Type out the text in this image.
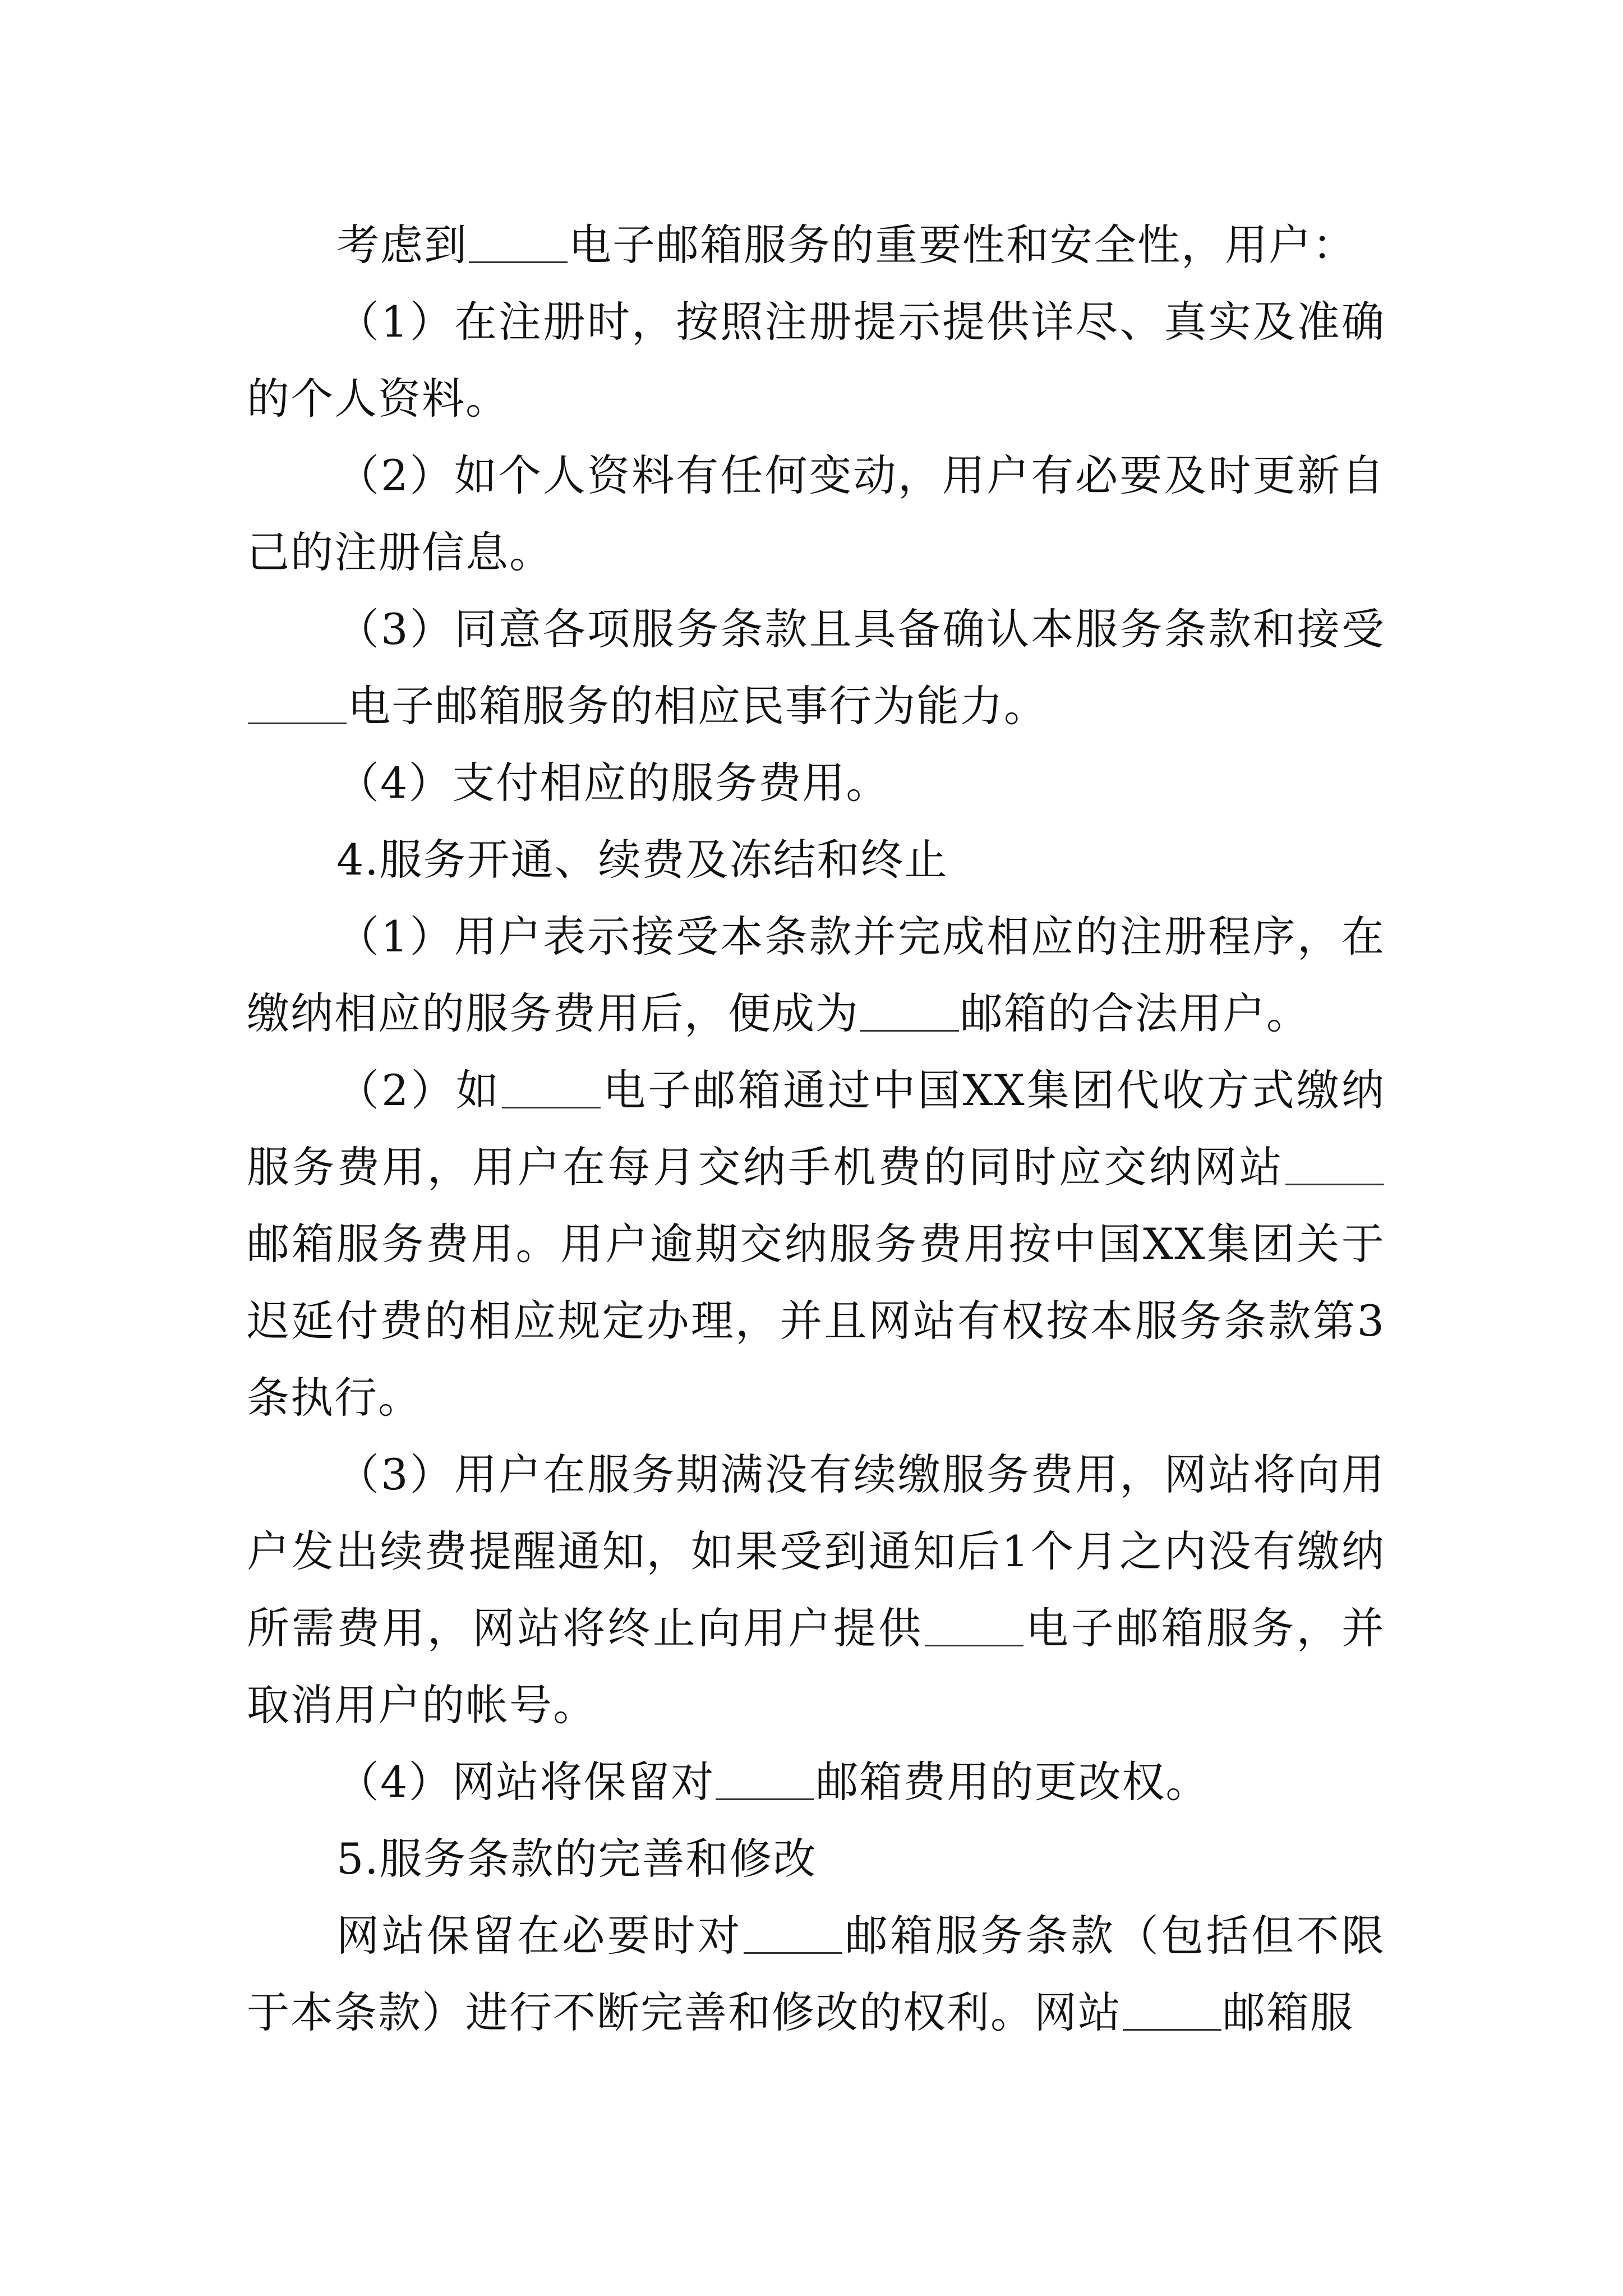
考虑到 电子邮箱服务的重要性和安全性，用户：

（1）在注册时，按照注册提示提供详尽、真实及准确的个人资料。

（2）如个人资料有任何变动，用户有必要及时更新自己的注册信息。

（3）同意各项服务条款且具备确认本服务条款和接受电子邮箱服务的相应民事行为能力。

（4）支付相应的服务费用。

4.服务开通、续费及冻结和终止

（1）用户表示接受本条款并完成相应的注册程序，在缴纳相应的服务费用后，便成为 邮箱的合法用户。

（2）如 电子邮箱通过中国XX集团代收方式缴纳服务费用，用户在每月交纳手机费的同时应交纳网站邮箱服务费用。用户逾期交纳服务费用按中国XX集团关于迟延付费的相应规定办理，并且网站有权按本服务条款第3条执行。

（3）用户在服务期满没有续缴服务费用，网站将向用户发出续费提醒通知，如果受到通知后1个月之内没有缴纳所需费用，网站将终止向用户提供 电子邮箱服务，并取消用户的帐号。

（4）网站将保留对 邮箱费用的更改权。

5.服务条款的完善和修改

网站保留在必要时对 邮箱服务条款（包括但不限于本条款）进行不断完善和修改的权利。网站 邮箱服
